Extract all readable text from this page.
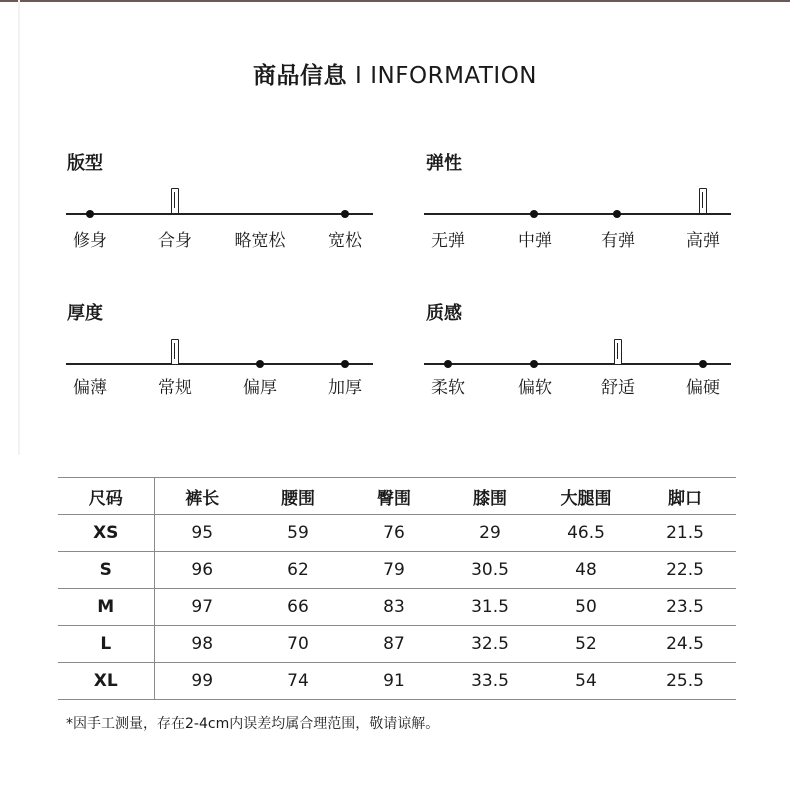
商品信息 I INFORMATION
版型
修身	合身	略宽松	宽松
弹性
无弹	中弹	有弹	高弹
厚度
偏薄	常规	偏厚	加厚
质感
柔软	偏软	舒适	偏硬
尺码	裤长	腰围	臀围	膝围	大腿围	脚口
XS	95	59	76	29	46.5	21.5
S	96	62	79	30.5	48	22.5
M	97	66	83	31.5	50	23.5
L	98	70	87	32.5	52	24.5
XL	99	74	91	33.5	54	25.5
*因手工测量，存在2-4cm内误差均属合理范围，敬请谅解。
